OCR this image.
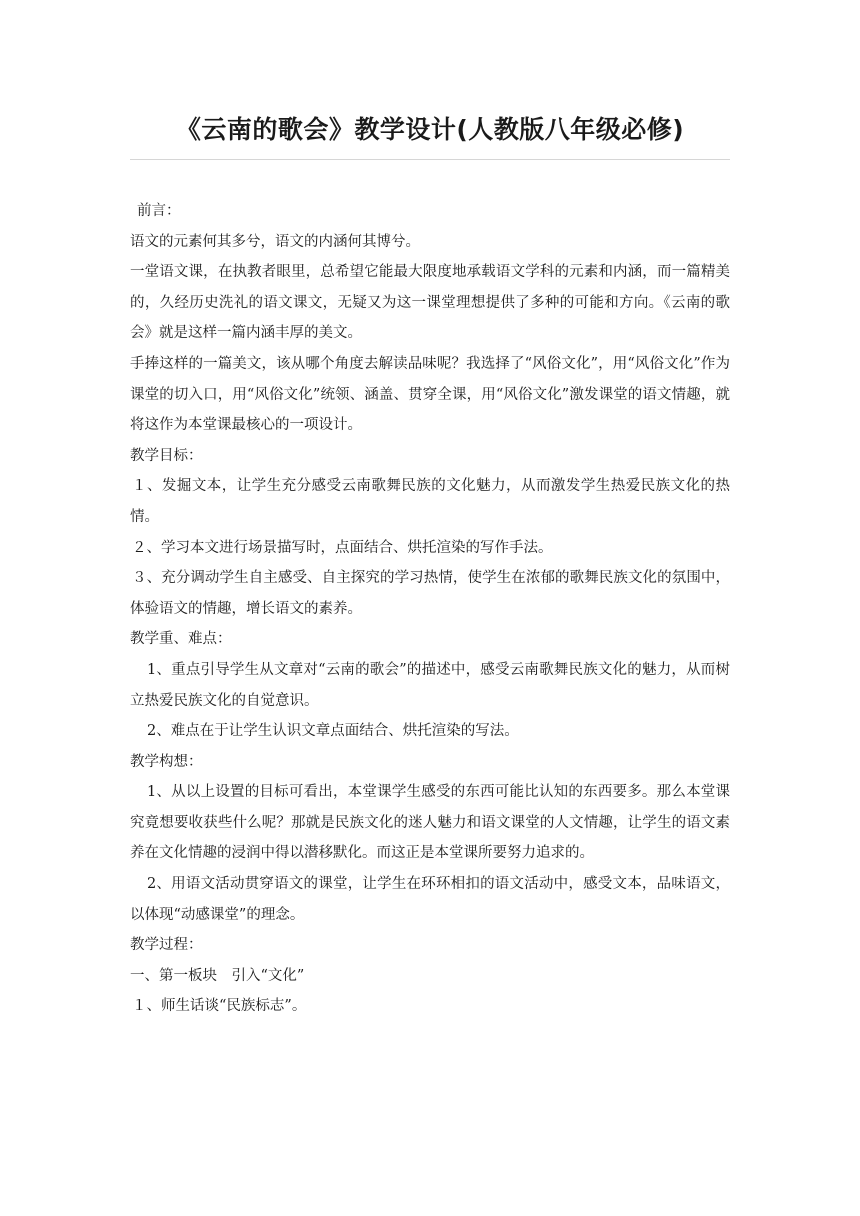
《云南的歌会》教学设计(人教版八年级必修)

前言：

语文的元素何其多兮，语文的内涵何其博兮。

一堂语文课，在执教者眼里，总希望它能最大限度地承载语文学科的元素和内涵，而一篇精美的，久经历史洗礼的语文课文，无疑又为这一课堂理想提供了多种的可能和方向。《云南的歌会》就是这样一篇内涵丰厚的美文。

手捧这样的一篇美文，该从哪个角度去解读品味呢？我选择了“风俗文化”，用“风俗文化”作为课堂的切入口，用“风俗文化”统领、涵盖、贯穿全课，用“风俗文化”激发课堂的语文情趣，就将这作为本堂课最核心的一项设计。

教学目标：

１、发掘文本，让学生充分感受云南歌舞民族的文化魅力，从而激发学生热爱民族文化的热情。

２、学习本文进行场景描写时，点面结合、烘托渲染的写作手法。

３、充分调动学生自主感受、自主探究的学习热情，使学生在浓郁的歌舞民族文化的氛围中，体验语文的情趣，增长语文的素养。

教学重、难点：

1、重点引导学生从文章对“云南的歌会”的描述中，感受云南歌舞民族文化的魅力，从而树立热爱民族文化的自觉意识。

2、难点在于让学生认识文章点面结合、烘托渲染的写法。

教学构想：

1、从以上设置的目标可看出，本堂课学生感受的东西可能比认知的东西要多。那么本堂课究竟想要收获些什么呢？那就是民族文化的迷人魅力和语文课堂的人文情趣，让学生的语文素养在文化情趣的浸润中得以潜移默化。而这正是本堂课所要努力追求的。

2、用语文活动贯穿语文的课堂，让学生在环环相扣的语文活动中，感受文本，品味语文，以体现“动感课堂”的理念。

教学过程：

一、第一板块　引入“文化”

１、师生话谈“民族标志”。
